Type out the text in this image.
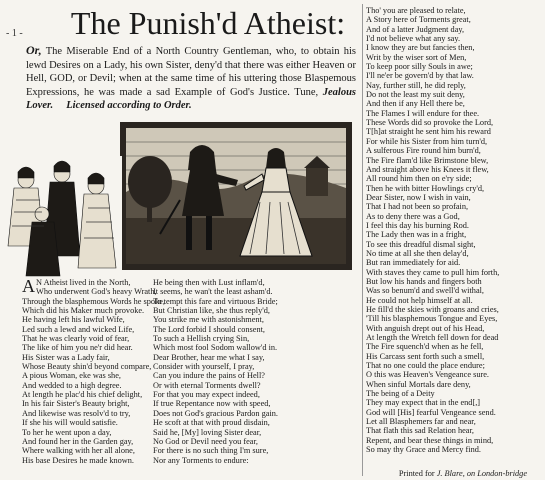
- 1 -	The Punish'd Atheist:
Or, The Miserable End of a North Country Gentleman, who, to obtain his lewd Desires on a Lady, his own Sister, deny'd that there was either Heaven or Hell, GOD, or Devil; when at the same time of his uttering those Blaspemous Expressions, he was made a sad Example of God's Justice. Tune, Jealous Lover. Licensed according to Order.
A N Atheist lived in the North,
Who underwent God's heavy Wrath,
Through the blasphemous Words he spoke,
Which did his Maker much provoke.
He having left his lawful Wife,
Led such a lewd and wicked Life,
That he was clearly void of fear,
The like of him you ne'r did hear.
His Sister was a Lady fair,
Whose Beauty shin'd beyond compare,
A pious Woman, eke was she,
And wedded to a high degree.
At length he plac'd his chief delight,
In his fair Sister's Beauty bright,
And likewise was resolv'd to try,
If she his will would satisfie.
To her he went upon a day,
And found her in the Garden gay,
Where walking with her all alone,
His base Desires he made known.
He being then with Lust inflam'd,
It seems, he wan't the least asham'd.
To tempt this fare and virtuous Bride;
But Christian like, she thus reply'd,
You strike me with astonishment,
The Lord forbid I should consent,
To such a Hellish crying Sin,
Which most fool Sodom wallow'd in.
Dear Brother, hear me what I say,
Consider with yourself, I pray,
Can you indure the pains of Hell?
Or with eternal Torments dwell?
For that you may expect indeed,
If true Repentance now with speed,
Does not God's gracious Pardon gain.
He scoft at that with proud disdain,
Said he, [My] loving Sister dear,
No God or Devil need you fear,
For there is no such thing I'm sure,
Nor any Torments to endure:
Tho' you are pleased to relate,
A Story here of Torments great,
And of a latter Judgment day,
I'd not believe what any say.
I know they are but fancies then,
Writ by the wiser sort of Men,
To keep poor silly Souls in awe;
I'll ne'er be govern'd by that law.
Nay, further still, he did reply,
Do not the least my suit deny,
And then if any Hell there be,
The Flames I will endure for thee.
These Words did so provoke the Lord,
T[h]at straight he sent him his reward
For while his Sister from him turn'd,
A sulferous Fire round him burn'd,
The Fire flam'd like Brimstone blew,
And straight above his Knees it flew,
All round him then on e'ry side;
Then he with bitter Howlings cry'd,
Dear Sister, now I wish in vain,
That I had not been so profain,
As to deny there was a God,
I feel this day his burning Rod.
The Lady then was in a fright,
To see this dreadful dismal sight,
No time at all she then delay'd,
But ran immediately for aid.
With staves they came to pull him forth,
But low his hands and fingers both
Was so benum'd and swell'd withal,
He could not help himself at all.
He fill'd the skies with groans and cries,
'Till his blasphemous Tongue and Eyes,
With anguish drept out of his Head,
At length the Wretch fell down for dead
The Fire squench'd when as he fell,
His Carcass sent forth such a smell,
That no one could the place endure;
O this was Heaven's Vengeance sure.
When sinful Mortals dare deny,
The being of a Deity
They may expect that in the end[,]
God will [His] fearful Vengeance send.
Let all Blasphemers far and near,
That flath this sad Relation hear,
Repent, and bear these things in mind,
So may thy Grace and Mercy find.
Printed for J. Blare, on London-bridge
